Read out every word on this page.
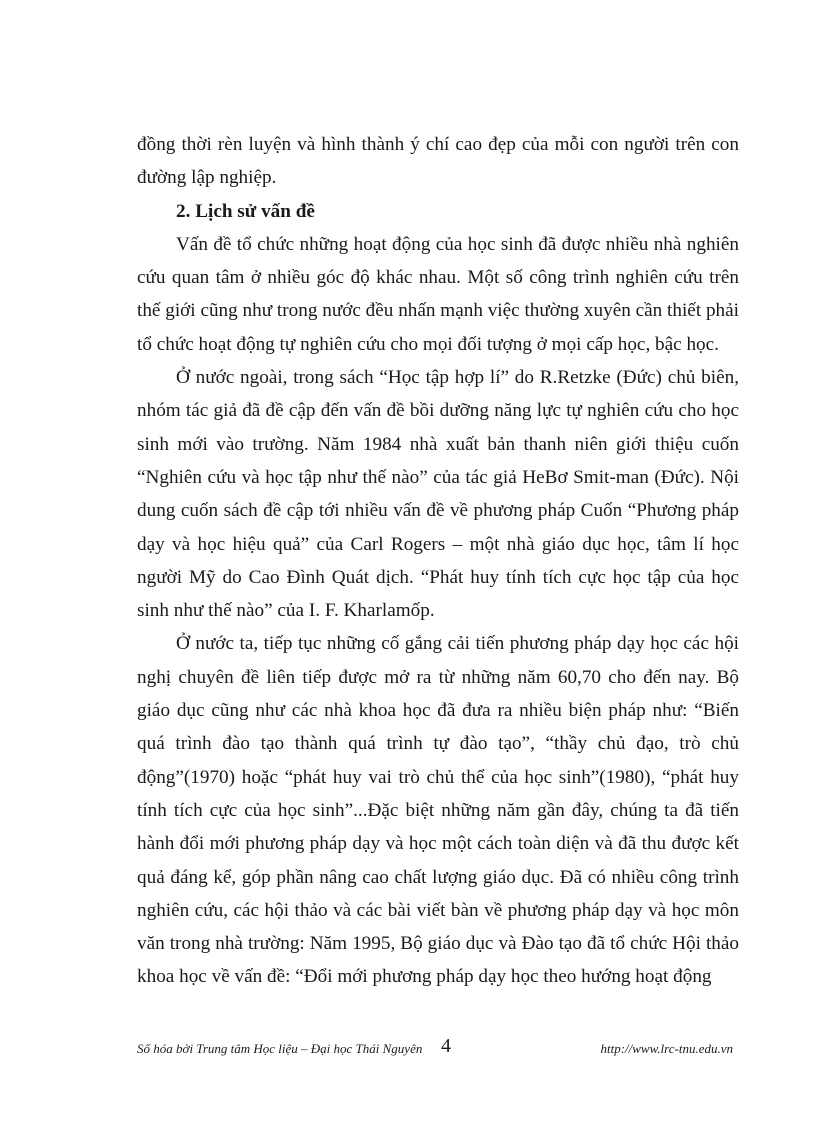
đồng thời rèn luyện và hình thành ý chí cao đẹp của mỗi con người trên con đường lập nghiệp.

2. Lịch sử vấn đề

Vấn đề tổ chức những hoạt động của học sinh đã được nhiều nhà nghiên cứu quan tâm ở nhiều góc độ khác nhau. Một số công trình nghiên cứu trên thế giới cũng như trong nước đều nhấn mạnh việc thường xuyên cần thiết phải tổ chức hoạt động tự nghiên cứu cho mọi đối tượng ở mọi cấp học, bậc học.

Ở nước ngoài, trong sách “Học tập hợp lí” do R.Retzke (Đức) chủ biên, nhóm tác giả đã đề cập đến vấn đề bồi dưỡng năng lực tự nghiên cứu cho học sinh mới vào trường. Năm 1984 nhà xuất bản thanh niên giới thiệu cuốn “Nghiên cứu và học tập như thế nào” của tác giả HeBơ Smit-man (Đức). Nội dung cuốn sách đề cập tới nhiều vấn đề về phương pháp Cuốn “Phương pháp dạy và học hiệu quả” của Carl Rogers – một nhà giáo dục học, tâm lí học người Mỹ do Cao Đình Quát dịch. “Phát huy tính tích cực học tập của học sinh như thế nào” của I. F. Kharlamốp.

Ở nước ta, tiếp tục những cố gắng cải tiến phương pháp dạy học các hội nghị chuyên đề liên tiếp được mở ra từ những năm 60,70 cho đến nay. Bộ giáo dục cũng như các nhà khoa học đã đưa ra nhiều biện pháp như: “Biến quá trình đào tạo thành quá trình tự đào tạo”, “thầy chủ đạo, trò chủ động”(1970) hoặc “phát huy vai trò chủ thể của học sinh”(1980), “phát huy tính tích cực của học sinh”...Đặc biệt những năm gần đây, chúng ta đã tiến hành đổi mới phương pháp dạy và học một cách toàn diện và đã thu được kết quả đáng kể, góp phần nâng cao chất lượng giáo dục. Đã có nhiều công trình nghiên cứu, các hội thảo và các bài viết bàn về phương pháp dạy và học môn văn trong nhà trường: Năm 1995, Bộ giáo dục và Đào tạo đã tổ chức Hội thảo khoa học về vấn đề: “Đổi mới phương pháp dạy học theo hướng hoạt động

Số hóa bởi Trung tâm Học liệu – Đại học Thái Nguyên 4	http://www.lrc-tnu.edu.vn
